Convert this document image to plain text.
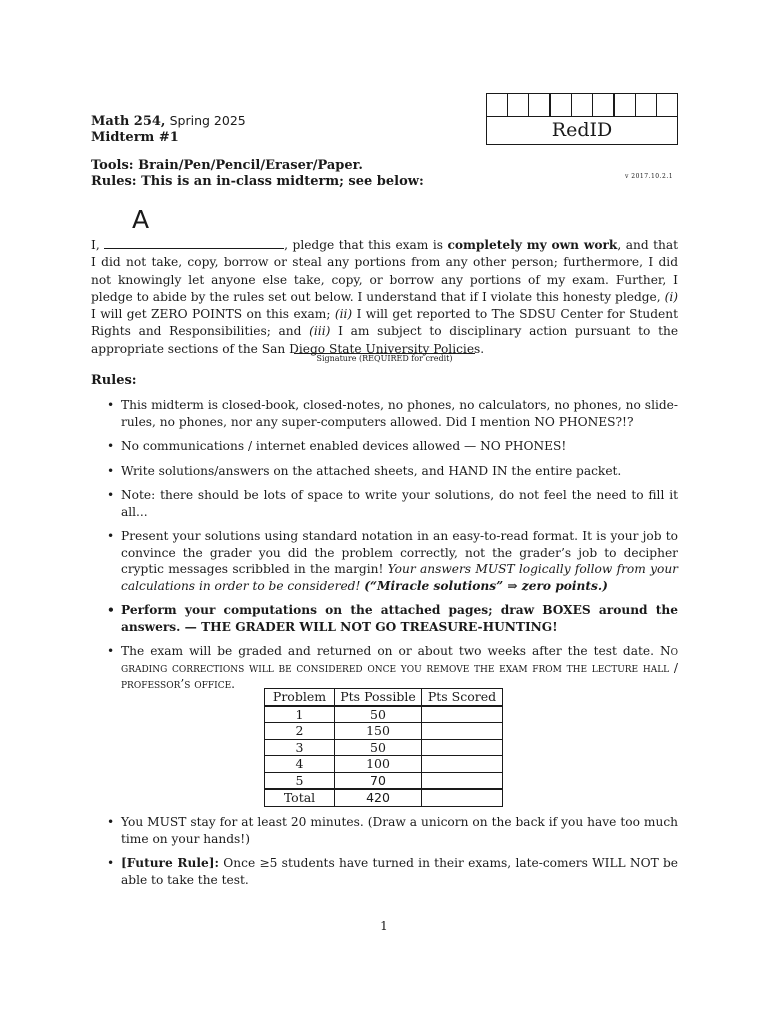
Math 254, Spring 2025
Midterm #1	RedID
Tools: Brain/Pen/Pencil/Eraser/Paper.
Rules: This is an in-class midterm; see below:	v 2017.10.2.1
A
I,	, pledge that this exam is completely my own work, and that I did not take, copy, borrow or steal any portions from any other person; furthermore, I did not knowingly let anyone else take, copy, or borrow any portions of my exam. Further, I pledge to abide by the rules set out below. I understand that if I violate this honesty pledge, (i) I will get ZERO POINTS on this exam; (ii) I will get reported to The SDSU Center for Student Rights and Responsibilities; and (iii) I am subject to disciplinary action pursuant to the appropriate sections of the San Diego State University Policies.
Signature (REQUIRED for credit)
Rules:
• This midterm is closed-book, closed-notes, no phones, no calculators, no phones, no slide-rules, no phones, nor any super-computers allowed. Did I mention NO PHONES?!?
• No communications / internet enabled devices allowed — NO PHONES!
• Write solutions/answers on the attached sheets, and HAND IN the entire packet.
• Note: there should be lots of space to write your solutions, do not feel the need to fill it all...
• Present your solutions using standard notation in an easy-to-read format. It is your job to convince the grader you did the problem correctly, not the grader’s job to decipher cryptic messages scribbled in the margin! Your answers MUST logically follow from your calculations in order to be considered! (“Miracle solutions” ⇒ zero points.)
• Perform your computations on the attached pages; draw BOXES around the answers. — THE GRADER WILL NOT GO TREASURE-HUNTING!
• The exam will be graded and returned on or about two weeks after the test date. No grading corrections will be considered once you remove the exam from the lecture hall / professor’s office.
Problem	Pts Possible	Pts Scored
1	50	
2	150	
3	50	
4	100	
5	70	
Total	420	
• You MUST stay for at least 20 minutes. (Draw a unicorn on the back if you have too much time on your hands!)
• [Future Rule]: Once ≥5 students have turned in their exams, late-comers WILL NOT be able to take the test.
1
